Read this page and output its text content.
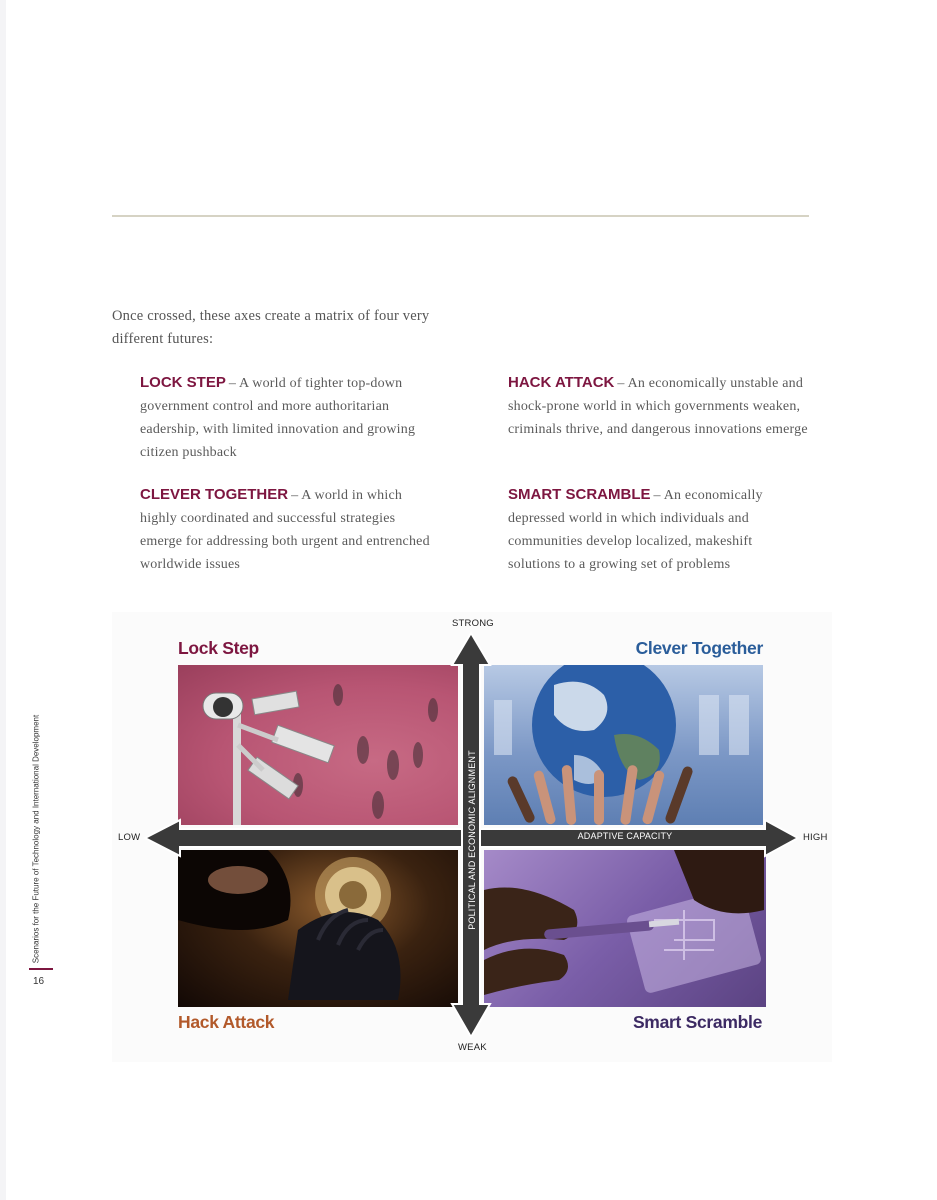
Once crossed, these axes create a matrix of four very different futures:
LOCK STEP – A world of tighter top-down government control and more authoritarian eadership, with limited innovation and growing citizen pushback
HACK ATTACK – An economically unstable and shock-prone world in which governments weaken, criminals thrive, and dangerous innovations emerge
CLEVER TOGETHER – A world in which highly coordinated and successful strategies emerge for addressing both urgent and entrenched worldwide issues
SMART SCRAMBLE – An economically depressed world in which individuals and communities develop localized, makeshift solutions to a growing set of problems
Lock Step	Clever Together
Hack Attack	Smart Scramble
STRONG
WEAK
LOW	HIGH
ADAPTIVE CAPACITY
POLITICAL AND ECONOMIC ALIGNMENT
Scenarios for the Future of Technology and International Development
16
